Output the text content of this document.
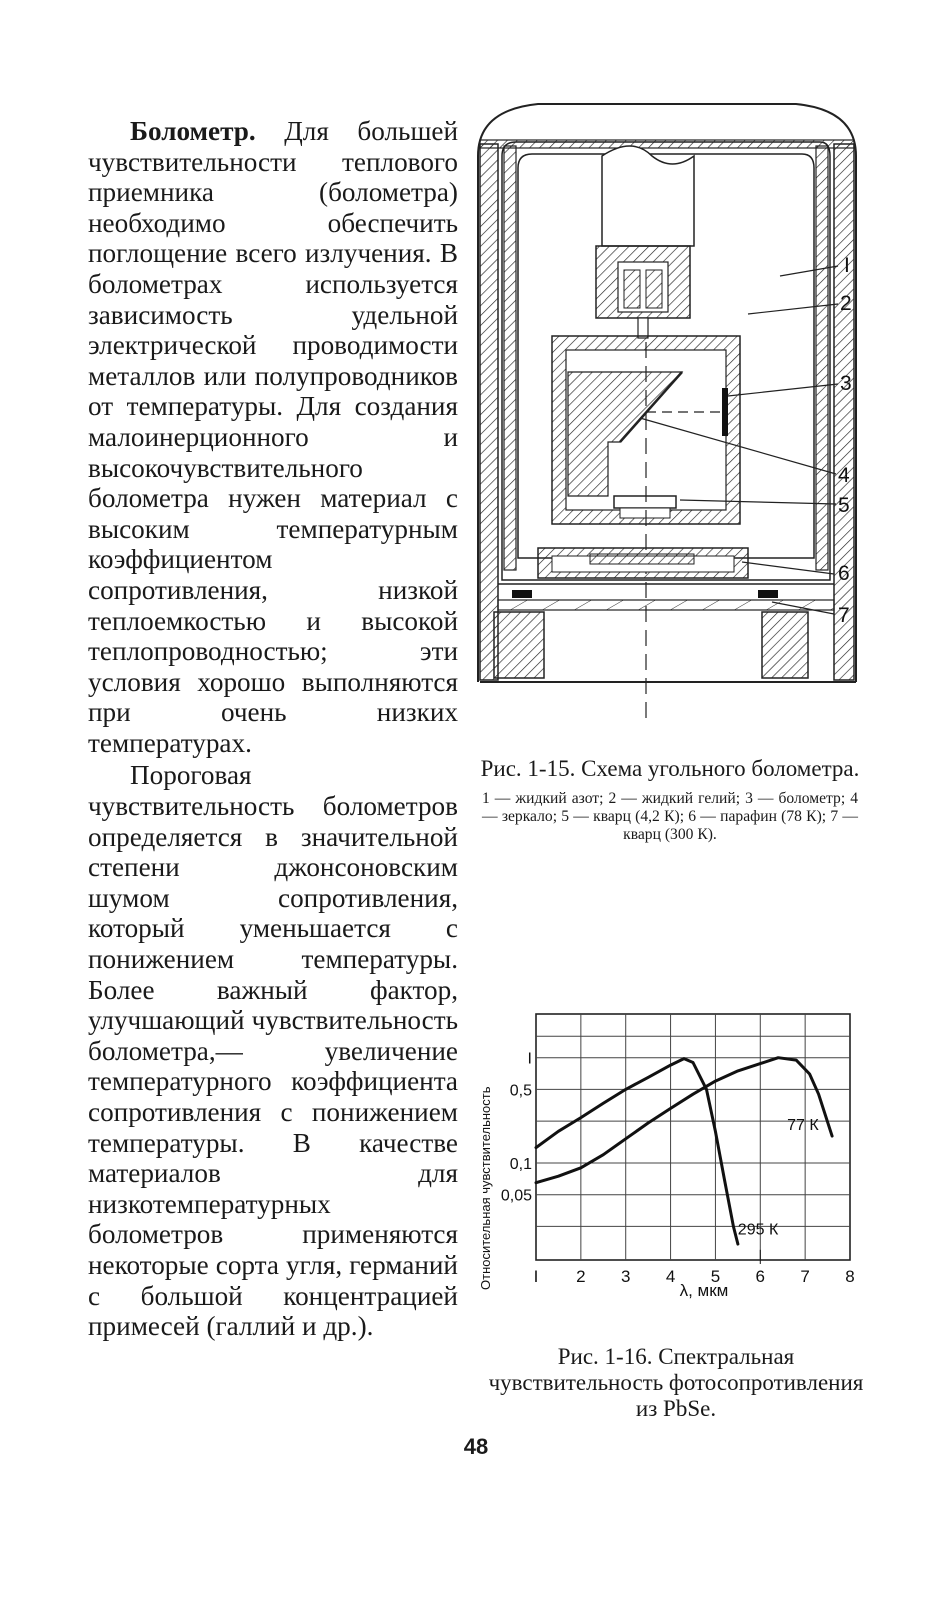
Болометр. Для большей чувствительности теплового приемника (болометра) необходимо обеспечить поглощение всего излучения. В болометрах используется зависимость удельной электрической проводимости металлов или полупроводников от температуры. Для создания малоинерционного и высокочувствительного болометра нужен материал с высоким температурным коэффициентом сопротивления, низкой теплоемкостью и высокой теплопроводностью; эти условия хорошо выполняются при очень низких температурах.

Пороговая чувствительность болометров определяется в значительной степени джонсоновским шумом сопротивления, который уменьшается с понижением температуры. Более важный фактор, улучшающий чувствительность болометра,— увеличение температурного коэффициента сопротивления с понижением температуры. В качестве материалов для низкотемпературных болометров применяются некоторые сорта угля, германий с большой концентрацией примесей (галлий и др.).

I
2
3
4
5
6
7
Рис. 1-15. Схема угольного болометра.
1 — жидкий азот; 2 — жидкий гелий; 3 — болометр; 4 — зеркало; 5 — кварц (4,2 К); 6 — парафин (78 К); 7 — кварц (300 К).
Относительная чувствительность I 2 3 4 5 6 7 8
I
0,5
0,1
0,05
295 К
77 К
λ, мкм
Рис. 1-16. Спектральная чувствительность фотосопротивления из PbSe.
48
